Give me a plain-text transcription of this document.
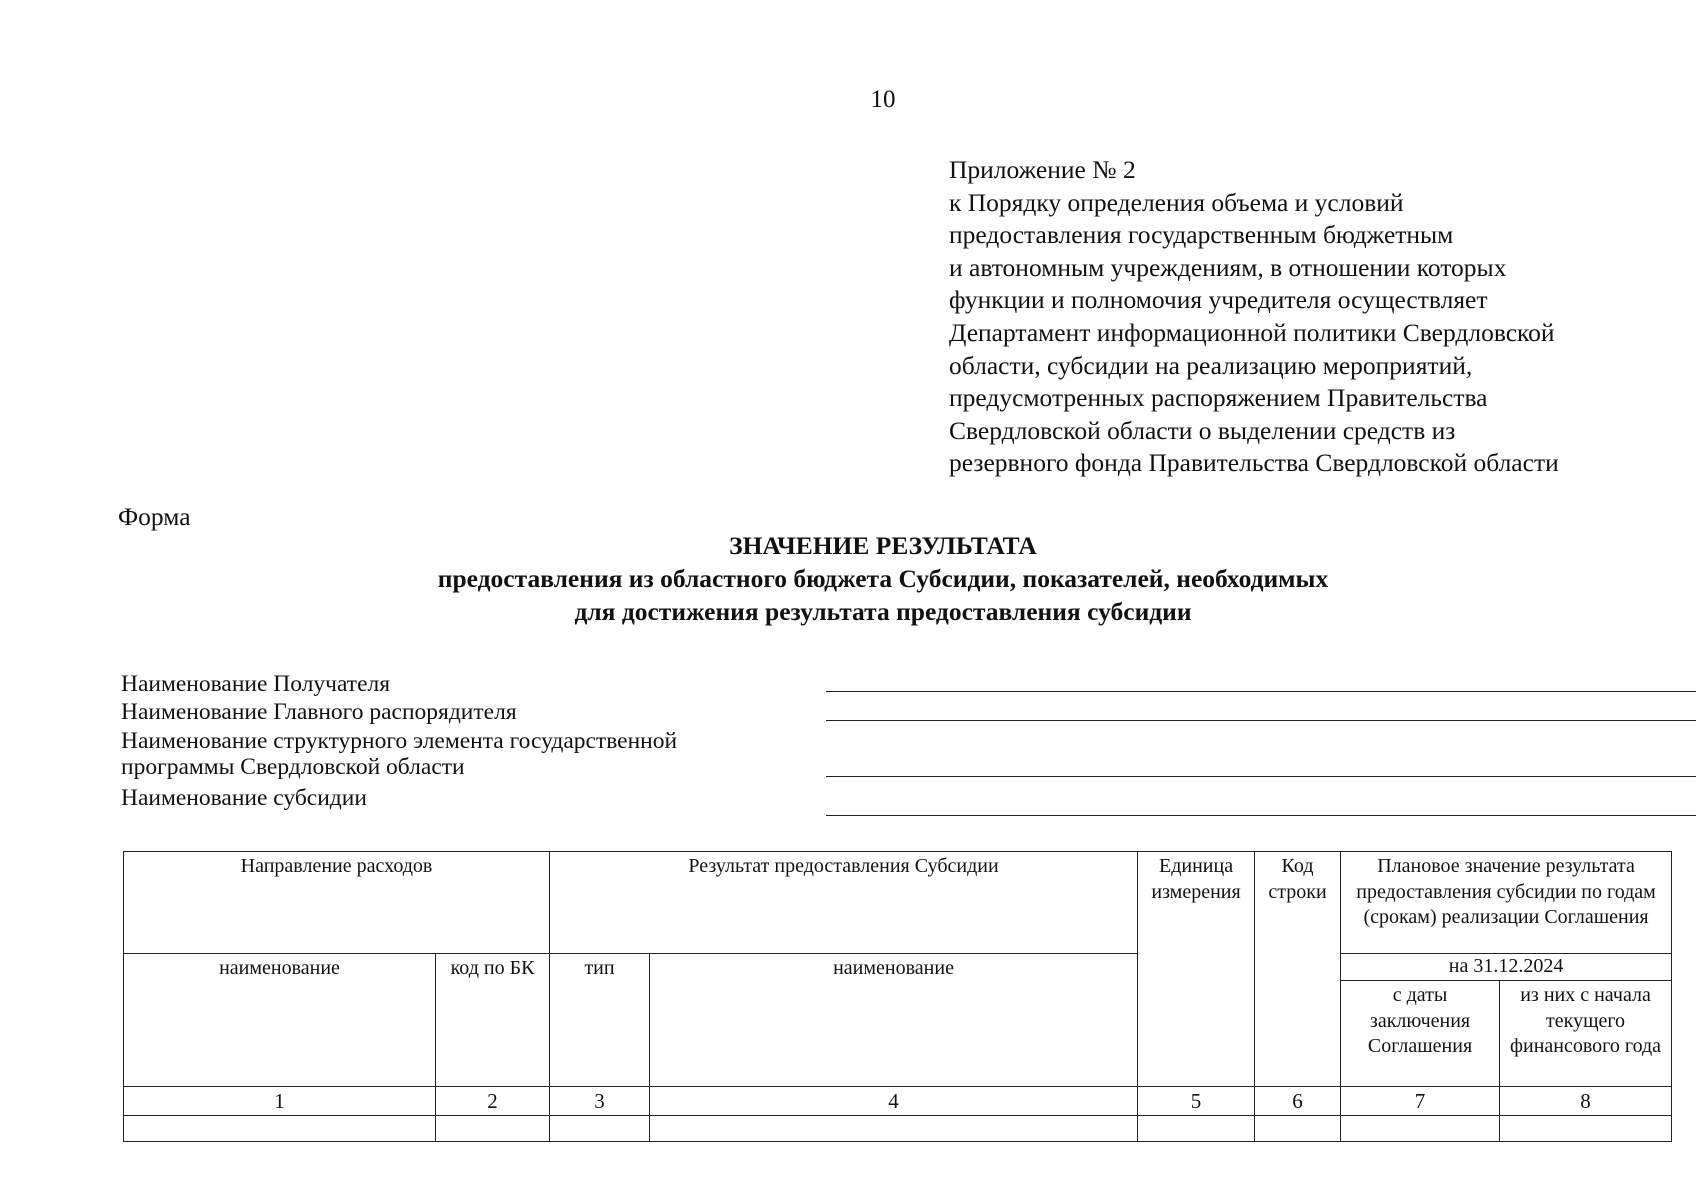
10
Приложение № 2
к Порядку определения объема и условий
предоставления государственным бюджетным
и автономным учреждениям, в отношении которых
функции и полномочия учредителя осуществляет
Департамент информационной политики Свердловской
области, субсидии на реализацию мероприятий,
предусмотренных распоряжением Правительства
Свердловской области о выделении средств из
резервного фонда Правительства Свердловской области
Форма
ЗНАЧЕНИЕ РЕЗУЛЬТАТА
предоставления из областного бюджета Субсидии, показателей, необходимых
для достижения результата предоставления субсидии
Наименование Получателя
Наименование Главного распорядителя
Наименование структурного элемента государственной
программы Свердловской области
Наименование субсидии
Направление расходов		Результат предоставления Субсидии		Единица измерения	Код строки	Плановое значение результата предоставления субсидии по годам (срокам) реализации Соглашения	
наименование	код по БК	тип	наименование			на 31.12.2024	
						с даты заключения Соглашения	из них с начала текущего финансового года
1	2	3	4	5	6	7	8
